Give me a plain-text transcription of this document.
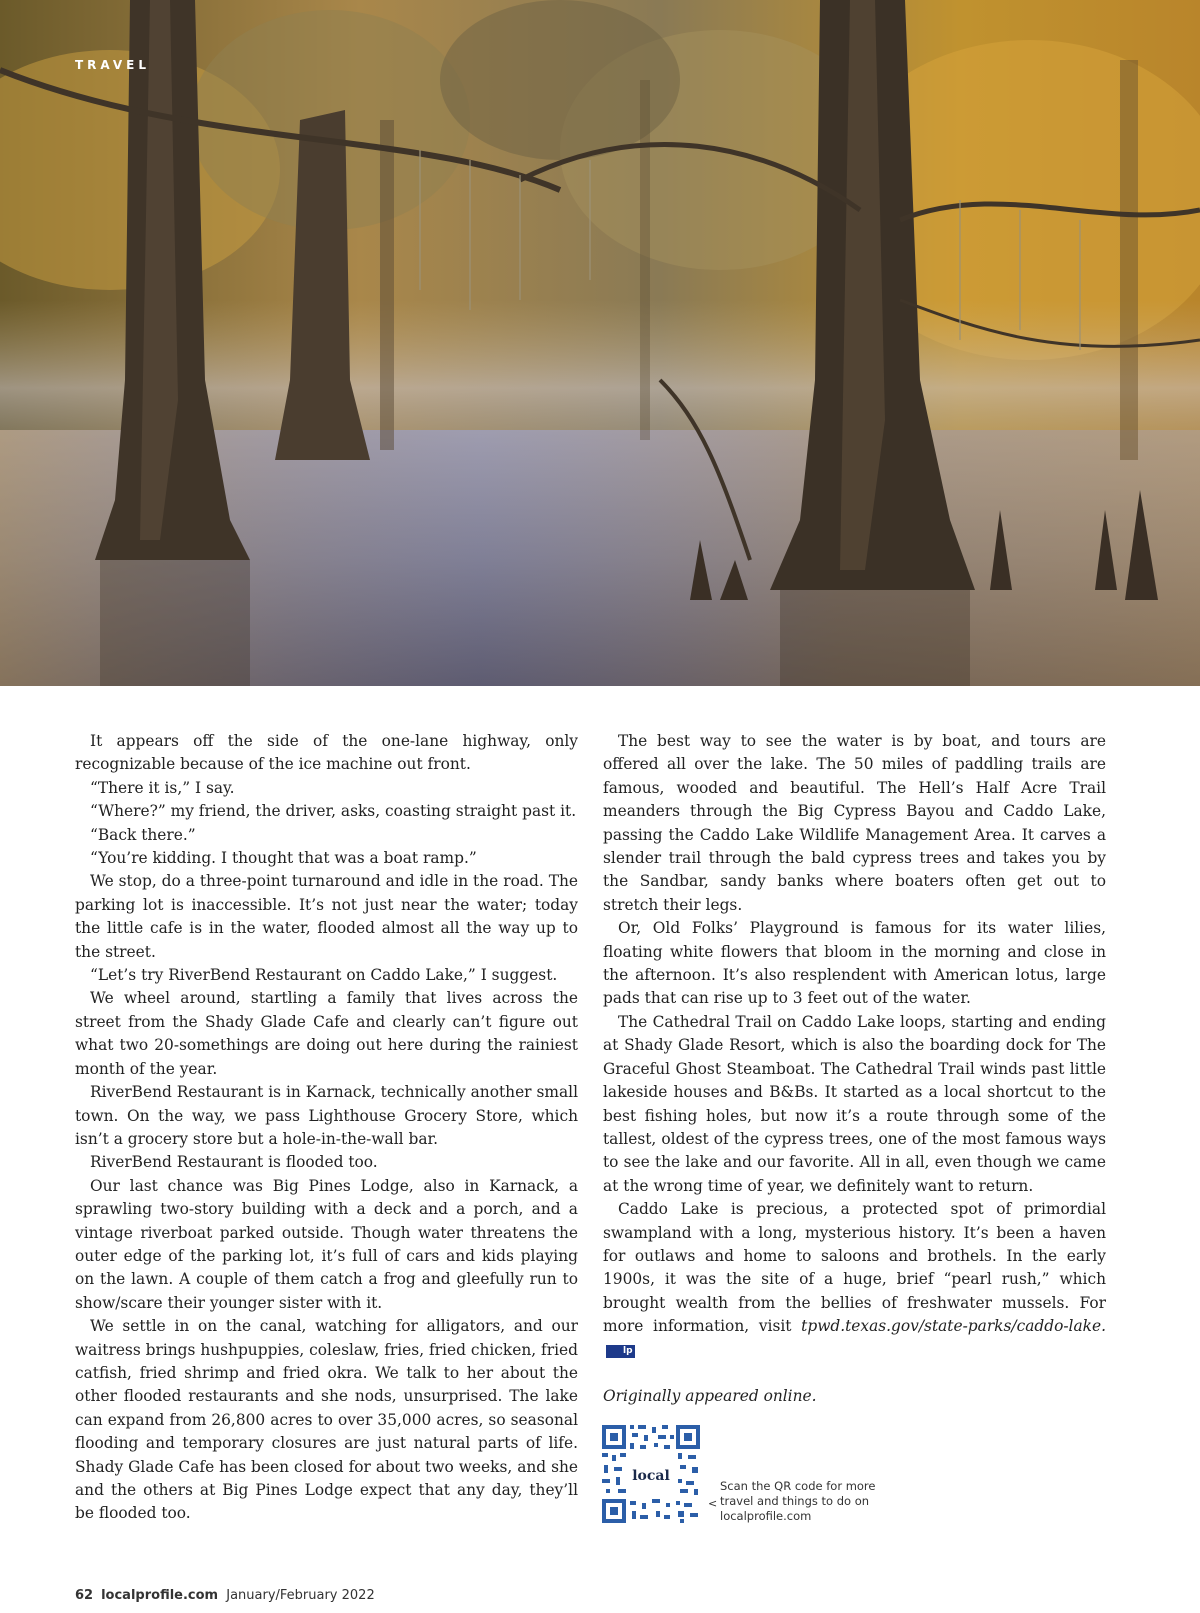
TRAVEL

It appears off the side of the one-lane highway, only recognizable because of the ice machine out front.

“There it is,” I say.

“Where?” my friend, the driver, asks, coasting straight past it.

“Back there.”

“You’re kidding. I thought that was a boat ramp.”

We stop, do a three-point turnaround and idle in the road. The parking lot is inaccessible. It’s not just near the water; today the little cafe is in the water, flooded almost all the way up to the street.

“Let’s try RiverBend Restaurant on Caddo Lake,” I suggest.

We wheel around, startling a family that lives across the street from the Shady Glade Cafe and clearly can’t figure out what two 20-somethings are doing out here during the rainiest month of the year.

RiverBend Restaurant is in Karnack, technically another small town. On the way, we pass Lighthouse Grocery Store, which isn’t a grocery store but a hole-in-the-wall bar.

RiverBend Restaurant is flooded too.

Our last chance was Big Pines Lodge, also in Karnack, a sprawling two-story building with a deck and a porch, and a vintage riverboat parked outside. Though water threatens the outer edge of the parking lot, it’s full of cars and kids playing on the lawn. A couple of them catch a frog and gleefully run to show/scare their younger sister with it.

We settle in on the canal, watching for alligators, and our waitress brings hushpuppies, coleslaw, fries, fried chicken, fried catfish, fried shrimp and fried okra. We talk to her about the other flooded restaurants and she nods, unsurprised. The lake can expand from 26,800 acres to over 35,000 acres, so seasonal flooding and temporary closures are just natural parts of life. Shady Glade Cafe has been closed for about two weeks, and she and the others at Big Pines Lodge expect that any day, they’ll be flooded too.

The best way to see the water is by boat, and tours are offered all over the lake. The 50 miles of paddling trails are famous, wooded and beautiful. The Hell’s Half Acre Trail meanders through the Big Cypress Bayou and Caddo Lake, passing the Caddo Lake Wildlife Management Area. It carves a slender trail through the bald cypress trees and takes you by the Sandbar, sandy banks where boaters often get out to stretch their legs.

Or, Old Folks’ Playground is famous for its water lilies, floating white flowers that bloom in the morning and close in the afternoon. It’s also resplendent with American lotus, large pads that can rise up to 3 feet out of the water.

The Cathedral Trail on Caddo Lake loops, starting and ending at Shady Glade Resort, which is also the boarding dock for The Graceful Ghost Steamboat. The Cathedral Trail winds past little lakeside houses and B&Bs. It started as a local shortcut to the best fishing holes, but now it’s a route through some of the tallest, oldest of the cypress trees, one of the most famous ways to see the lake and our favorite. All in all, even though we came at the wrong time of year, we definitely want to return.

Caddo Lake is precious, a protected spot of primordial swampland with a long, mysterious history. It’s been a haven for outlaws and home to saloons and brothels. In the early 1900s, it was the site of a huge, brief “pearl rush,” which brought wealth from the bellies of freshwater mussels. For more information, visit tpwd.texas.gov/state-parks/caddo-lake.lp

Originally appeared online.

local
<
Scan the QR code for more
travel and things to do on
localprofile.com
62 localprofile.com January/February 2022
